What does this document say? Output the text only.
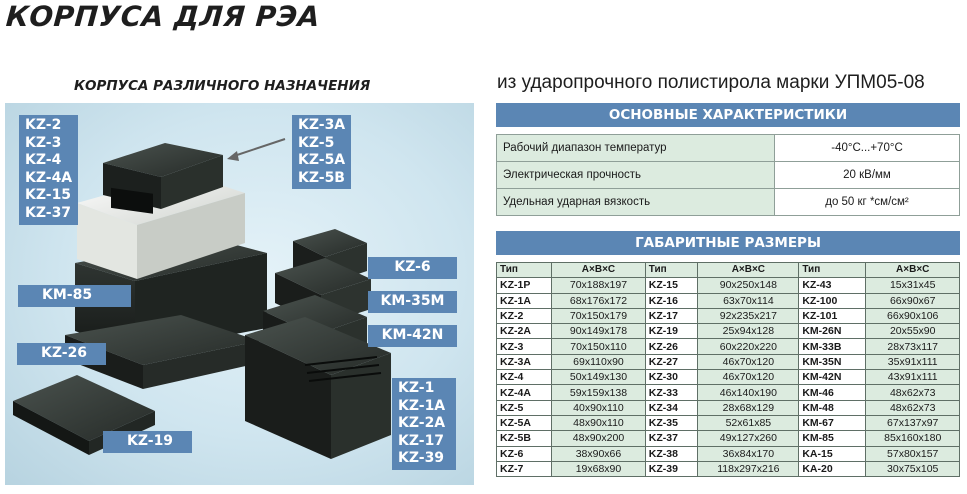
КОРПУСА ДЛЯ РЭА
КОРПУСА РАЗЛИЧНОГО НАЗНАЧЕНИЯ	из ударопрочного полистирола марки УПМ05-08
KZ-2
KZ-3
KZ-4
KZ-4A
KZ-15
KZ-37
KZ-3A
KZ-5
KZ-5A
KZ-5B
KZ-6
KM-85	KM-35M
KM-42N
KZ-26
KZ-1
KZ-1A
KZ-2A
KZ-17
KZ-39
KZ-19
ОСНОВНЫЕ ХАРАКТЕРИСТИКИ
Рабочий диапазон температур	-40°С...+70°С
Электрическая прочность	20 кВ/мм
Удельная ударная вязкость	до 50 кг *см/см²
ГАБАРИТНЫЕ РАЗМЕРЫ
Тип	A×B×C	Тип	A×B×C	Тип	A×B×C
KZ-1P	70x188x197	KZ-15	90x250x148	KZ-43	15x31x45
KZ-1A	68x176x172	KZ-16	63x70x114	KZ-100	66x90x67
KZ-2	70x150x179	KZ-17	92x235x217	KZ-101	66x90x106
KZ-2A	90x149x178	KZ-19	25x94x128	KM-26N	20x55x90
KZ-3	70x150x110	KZ-26	60x220x220	KM-33B	28x73x117
KZ-3A	69x110x90	KZ-27	46x70x120	KM-35N	35x91x111
KZ-4	50x149x130	KZ-30	46x70x120	KM-42N	43x91x111
KZ-4A	59x159x138	KZ-33	46x140x190	KM-46	48x62x73
KZ-5	40x90x110	KZ-34	28x68x129	KM-48	48x62x73
KZ-5A	48x90x110	KZ-35	52x61x85	KM-67	67x137x97
KZ-5B	48x90x200	KZ-37	49x127x260	KM-85	85x160x180
KZ-6	38x90x66	KZ-38	36x84x170	KA-15	57x80x157
KZ-7	19x68x90	KZ-39	118x297x216	KA-20	30x75x105
